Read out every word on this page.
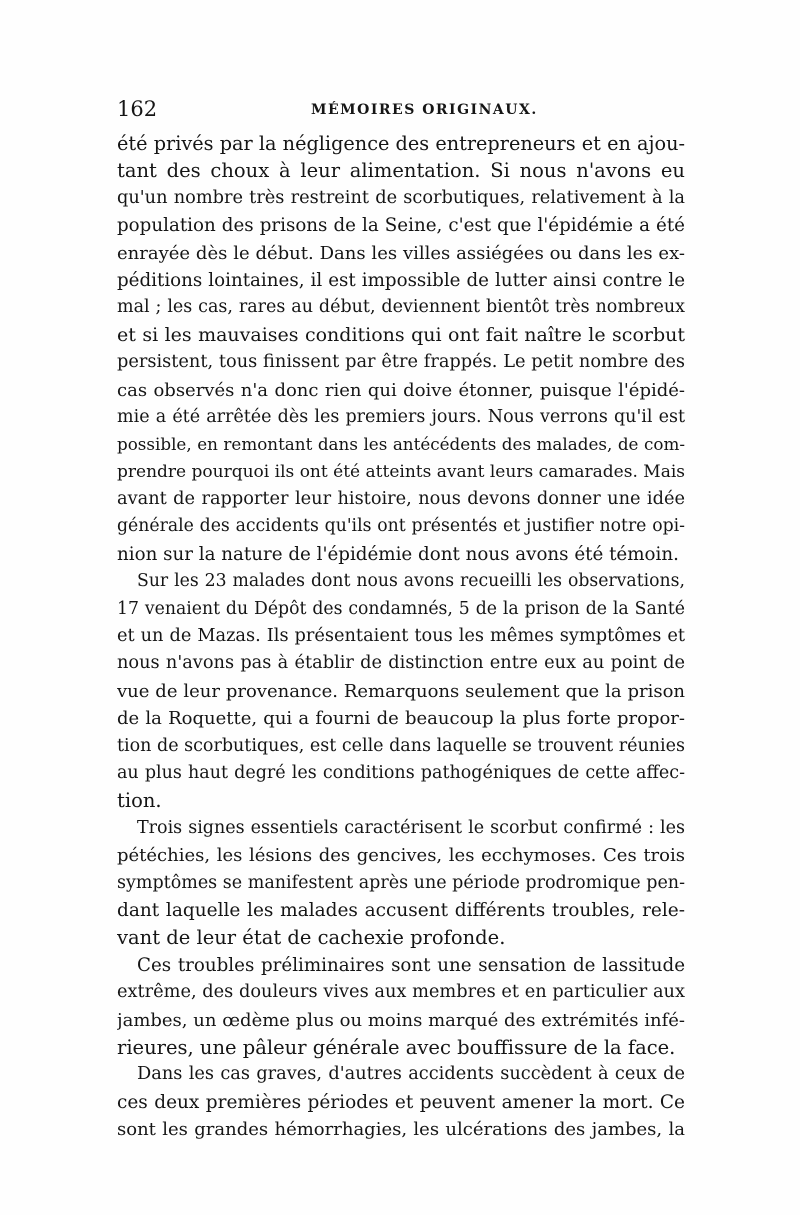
162	MÉMOIRES ORIGINAUX.
été privés par la négligence des entrepreneurs et en ajou-
tant des choux à leur alimentation. Si nous n'avons eu
qu'un nombre très restreint de scorbutiques, relativement à la
population des prisons de la Seine, c'est que l'épidémie a été
enrayée dès le début. Dans les villes assiégées ou dans les ex-
péditions lointaines, il est impossible de lutter ainsi contre le
mal ; les cas, rares au début, deviennent bientôt très nombreux
et si les mauvaises conditions qui ont fait naître le scorbut
persistent, tous finissent par être frappés. Le petit nombre des
cas observés n'a donc rien qui doive étonner, puisque l'épidé-
mie a été arrêtée dès les premiers jours. Nous verrons qu'il est
possible, en remontant dans les antécédents des malades, de com-
prendre pourquoi ils ont été atteints avant leurs camarades. Mais
avant de rapporter leur histoire, nous devons donner une idée
générale des accidents qu'ils ont présentés et justifier notre opi-
nion sur la nature de l'épidémie dont nous avons été témoin.
Sur les 23 malades dont nous avons recueilli les observations,
17 venaient du Dépôt des condamnés, 5 de la prison de la Santé
et un de Mazas. Ils présentaient tous les mêmes symptômes et
nous n'avons pas à établir de distinction entre eux au point de
vue de leur provenance. Remarquons seulement que la prison
de la Roquette, qui a fourni de beaucoup la plus forte propor-
tion de scorbutiques, est celle dans laquelle se trouvent réunies
au plus haut degré les conditions pathogéniques de cette affec-
tion.
Trois signes essentiels caractérisent le scorbut confirmé : les
pétéchies, les lésions des gencives, les ecchymoses. Ces trois
symptômes se manifestent après une période prodromique pen-
dant laquelle les malades accusent différents troubles, rele-
vant de leur état de cachexie profonde.
Ces troubles préliminaires sont une sensation de lassitude
extrême, des douleurs vives aux membres et en particulier aux
jambes, un œdème plus ou moins marqué des extrémités infé-
rieures, une pâleur générale avec bouffissure de la face.
Dans les cas graves, d'autres accidents succèdent à ceux de
ces deux premières périodes et peuvent amener la mort. Ce
sont les grandes hémorrhagies, les ulcérations des jambes, la
